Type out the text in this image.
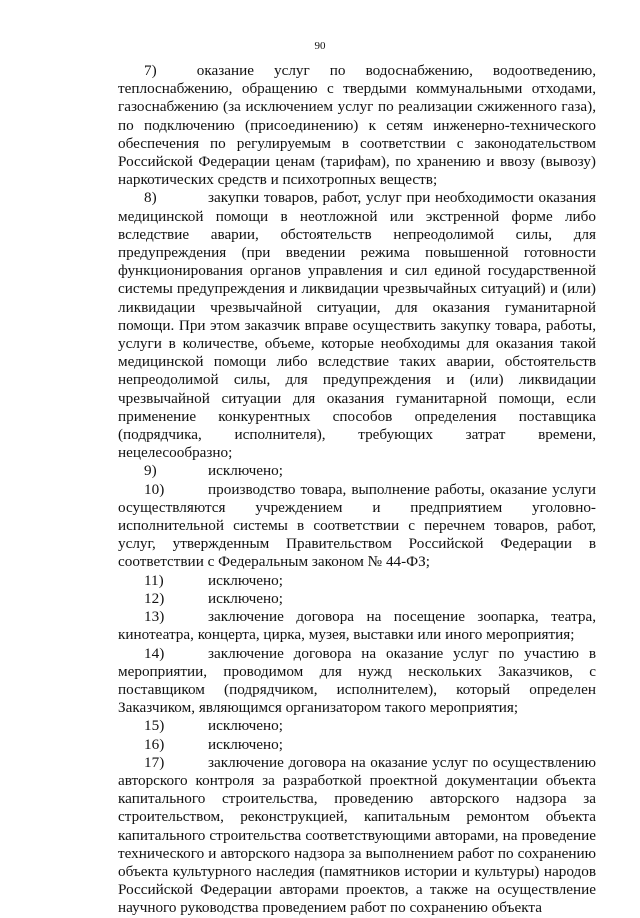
90

7)	оказание услуг по водоснабжению, водоотведению, теплоснабжению, обращению с твердыми коммунальными отходами, газоснабжению (за исключением услуг по реализации сжиженного газа), по подключению (присоединению) к сетям инженерно-технического обеспечения по регулируемым в соответствии с законодательством Российской Федерации ценам (тарифам), по хранению и ввозу (вывозу) наркотических средств и психотропных веществ;

8)	закупки товаров, работ, услуг при необходимости оказания медицинской помощи в неотложной или экстренной форме либо вследствие аварии, обстоятельств непреодолимой силы, для предупреждения (при введении режима повышенной готовности функционирования органов управления и сил единой государственной системы предупреждения и ликвидации чрезвычайных ситуаций) и (или) ликвидации чрезвычайной ситуации, для оказания гуманитарной помощи. При этом заказчик вправе осуществить закупку товара, работы, услуги в количестве, объеме, которые необходимы для оказания такой медицинской помощи либо вследствие таких аварии, обстоятельств непреодолимой силы, для предупреждения и (или) ликвидации чрезвычайной ситуации для оказания гуманитарной помощи, если применение конкурентных способов определения поставщика (подрядчика, исполнителя), требующих затрат времени, нецелесообразно;

9)	исключено;

10)	производство товара, выполнение работы, оказание услуги осуществляются учреждением и предприятием уголовно-исполнительной системы в соответствии с перечнем товаров, работ, услуг, утвержденным Правительством Российской Федерации в соответствии с Федеральным законом № 44-ФЗ;

11)	исключено;

12)	исключено;

13)	заключение договора на посещение зоопарка, театра, кинотеатра, концерта, цирка, музея, выставки или иного мероприятия;

14)	заключение договора на оказание услуг по участию в мероприятии, проводимом для нужд нескольких Заказчиков, с поставщиком (подрядчиком, исполнителем), который определен Заказчиком, являющимся организатором такого мероприятия;

15)	исключено;

16)	исключено;

17)	заключение договора на оказание услуг по осуществлению авторского контроля за разработкой проектной документации объекта капитального строительства, проведению авторского надзора за строительством, реконструкцией, капитальным ремонтом объекта капитального строительства соответствующими авторами, на проведение технического и авторского надзора за выполнением работ по сохранению объекта культурного наследия (памятников истории и культуры) народов Российской Федерации авторами проектов, а также на осуществление научного руководства проведением работ по сохранению объекта
